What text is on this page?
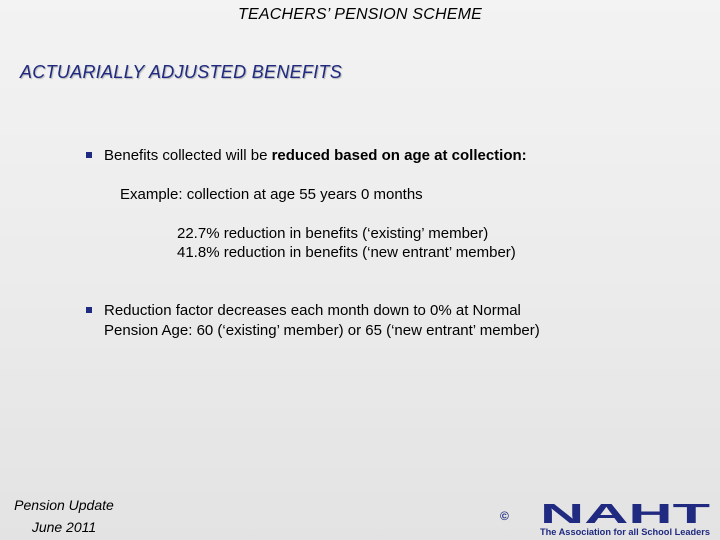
TEACHERS’ PENSION SCHEME
ACTUARIALLY ADJUSTED BENEFITS
Benefits collected will be reduced based on age at collection:
Example: collection at age 55 years 0 months
22.7% reduction in benefits (‘existing’ member)
41.8% reduction in benefits (‘new entrant’ member)
Reduction factor decreases each month down to 0% at Normal
Pension Age: 60 (‘existing’ member) or 65 (‘new entrant’ member)
Pension Update
June 2011
© NAHT
The Association for all School Leaders
